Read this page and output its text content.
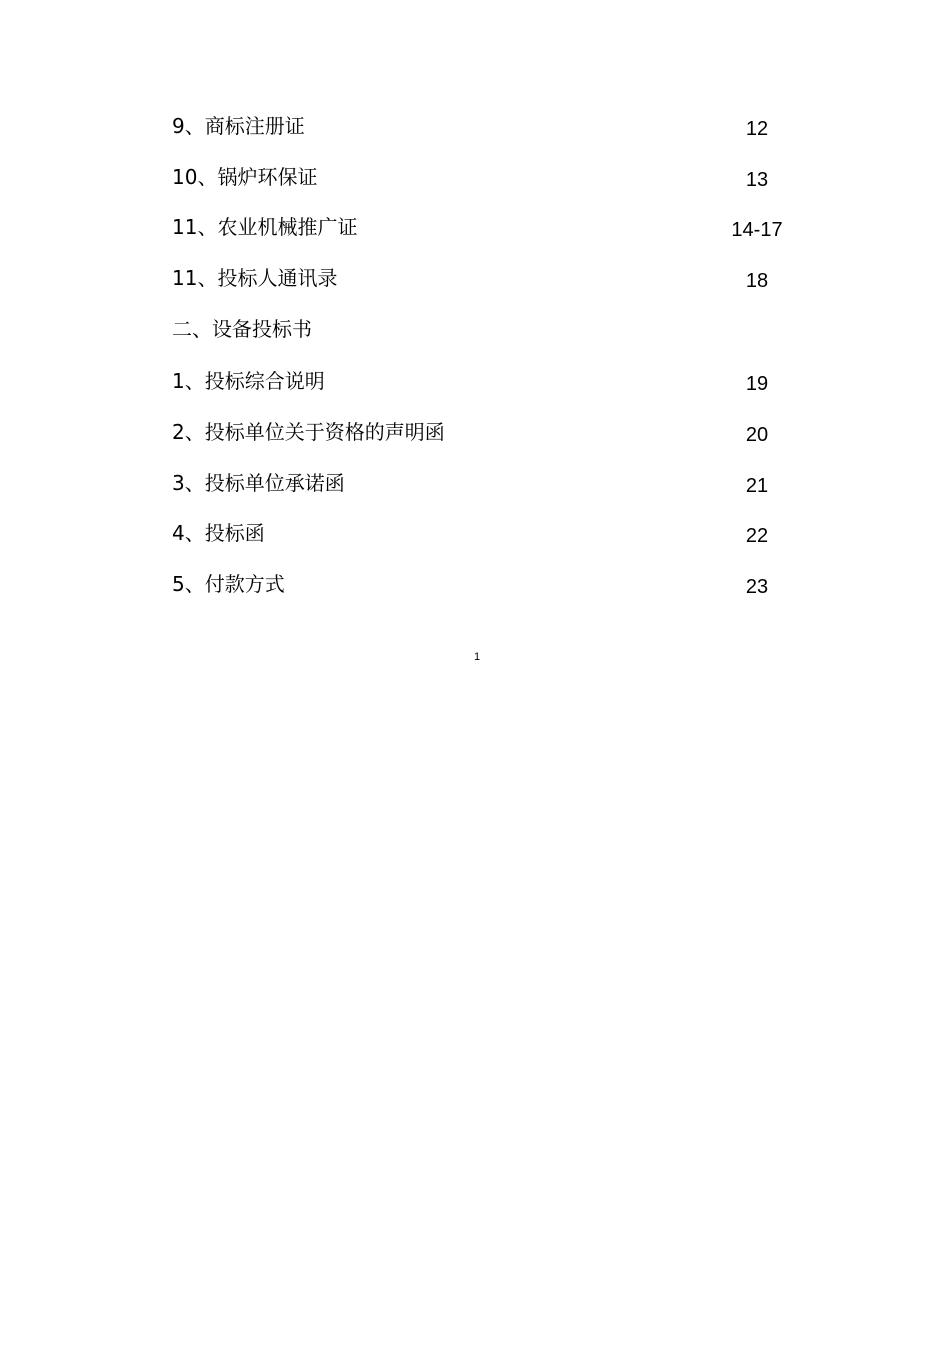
9、商标注册证	12
10、锅炉环保证	13
11、农业机械推广证	14-17
11、投标人通讯录	18
二、设备投标书
1、投标综合说明	19
2、投标单位关于资格的声明函	20
3、投标单位承诺函	21
4、投标函	22
5、付款方式	23
1
